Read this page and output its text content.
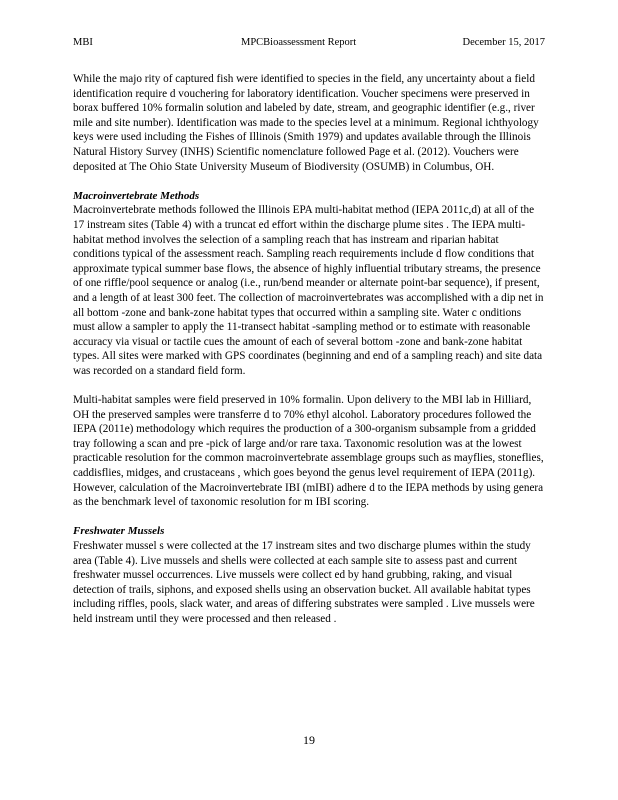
MBI	MPCBioassessment Report	December 15, 2017

While the majo rity of captured fish were identified to species in the field, any uncertainty about a field identification require d vouchering for laboratory identification. Voucher specimens were preserved in borax buffered 10% formalin solution and labeled by date, stream, and geographic identifier (e.g., river mile and site number). Identification was made to the species level at a minimum. Regional ichthyology keys were used including the Fishes of Illinois (Smith 1979) and updates available through the Illinois Natural History Survey (INHS) Scientific nomenclature followed Page et al. (2012). Vouchers were deposited at The Ohio State University Museum of Biodiversity (OSUMB) in Columbus, OH.

Macroinvertebrate Methods

Macroinvertebrate methods followed the Illinois EPA multi-habitat method (IEPA 2011c,d) at all of the 17 instream sites (Table 4) with a truncat ed effort within the discharge plume sites . The IEPA multi-habitat method involves the selection of a sampling reach that has instream and riparian habitat conditions typical of the assessment reach. Sampling reach requirements include d flow conditions that approximate typical summer base flows, the absence of highly influential tributary streams, the presence of one riffle/pool sequence or analog (i.e., run/bend meander or alternate point-bar sequence), if present, and a length of at least 300 feet. The collection of macroinvertebrates was accomplished with a dip net in all bottom -zone and bank-zone habitat types that occurred within a sampling site. Water c onditions must allow a sampler to apply the 11-transect habitat -sampling method or to estimate with reasonable accuracy via visual or tactile cues the amount of each of several bottom -zone and bank-zone habitat types. All sites were marked with GPS coordinates (beginning and end of a sampling reach) and site data was recorded on a standard field form.

Multi-habitat samples were field preserved in 10% formalin. Upon delivery to the MBI lab in Hilliard, OH the preserved samples were transferre d to 70% ethyl alcohol. Laboratory procedures followed the IEPA (2011e) methodology which requires the production of a 300-organism subsample from a gridded tray following a scan and pre -pick of large and/or rare taxa. Taxonomic resolution was at the lowest practicable resolution for the common macroinvertebrate assemblage groups such as mayflies, stoneflies, caddisflies, midges, and crustaceans , which goes beyond the genus level requirement of IEPA (2011g). However, calculation of the Macroinvertebrate IBI (mIBI) adhere d to the IEPA methods by using genera as the benchmark level of taxonomic resolution for m IBI scoring.

Freshwater Mussels

Freshwater mussel s were collected at the 17 instream sites and two discharge plumes within the study area (Table 4). Live mussels and shells were collected at each sample site to assess past and current freshwater mussel occurrences. Live mussels were collect ed by hand grubbing, raking, and visual detection of trails, siphons, and exposed shells using an observation bucket. All available habitat types including riffles, pools, slack water, and areas of differing substrates were sampled . Live mussels were held instream until they were processed and then released .

19
